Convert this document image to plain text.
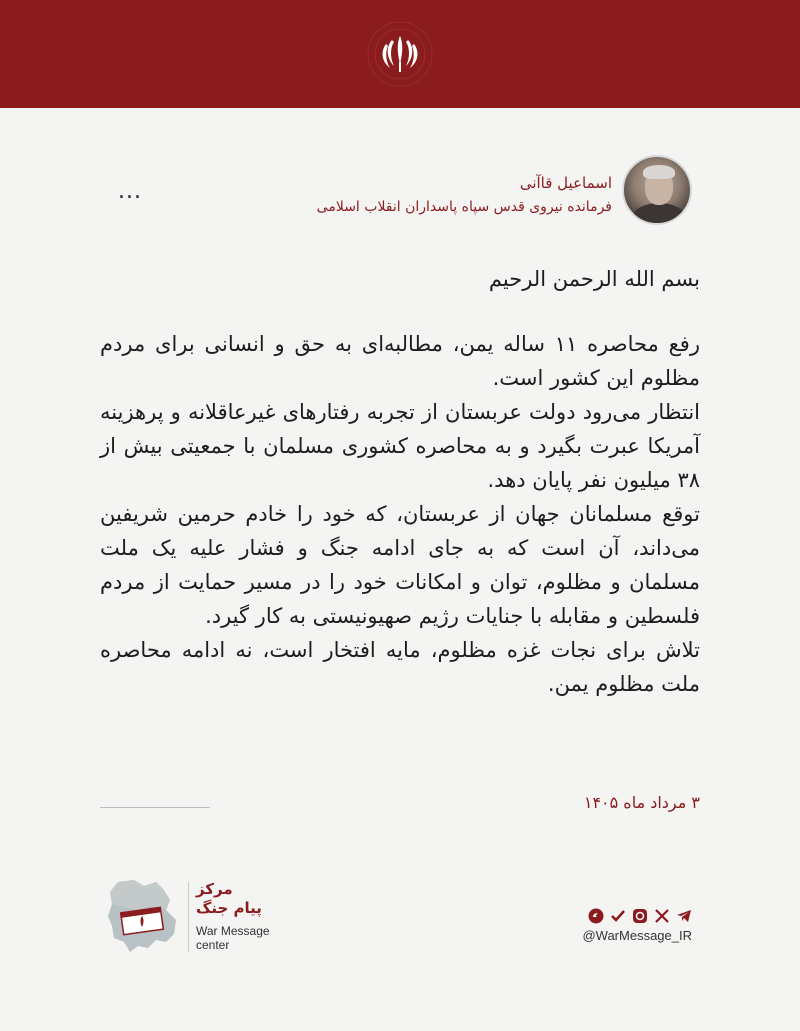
اسماعیل قاآنی
فرمانده نیروی قدس سپاه پاسداران انقلاب اسلامی
...
بسم الله الرحمن الرحیم
رفع محاصره ۱۱ ساله یمن، مطالبه‌ای به حق و انسانی برای مردم مظلوم این کشور است.
انتظار می‌رود دولت عربستان از تجربه رفتارهای غیرعاقلانه و پرهزینه آمریکا عبرت بگیرد و به محاصره کشوری مسلمان با جمعیتی بیش از ۳۸ میلیون نفر پایان دهد.
توقع مسلمانان جهان از عربستان، که خود را خادم حرمین شریفین می‌داند، آن است که به جای ادامه جنگ و فشار علیه یک ملت مسلمان و مظلوم، توان و امکانات خود را در مسیر حمایت از مردم فلسطین و مقابله با جنایات رژیم صهیونیستی به کار گیرد.
تلاش برای نجات غزه مظلوم، مایه افتخار است، نه ادامه محاصره ملت مظلوم یمن.
۳ مرداد ماه ۱۴۰۵
مرکز
پیام جنگ
War Message
center
@WarMessage_IR
